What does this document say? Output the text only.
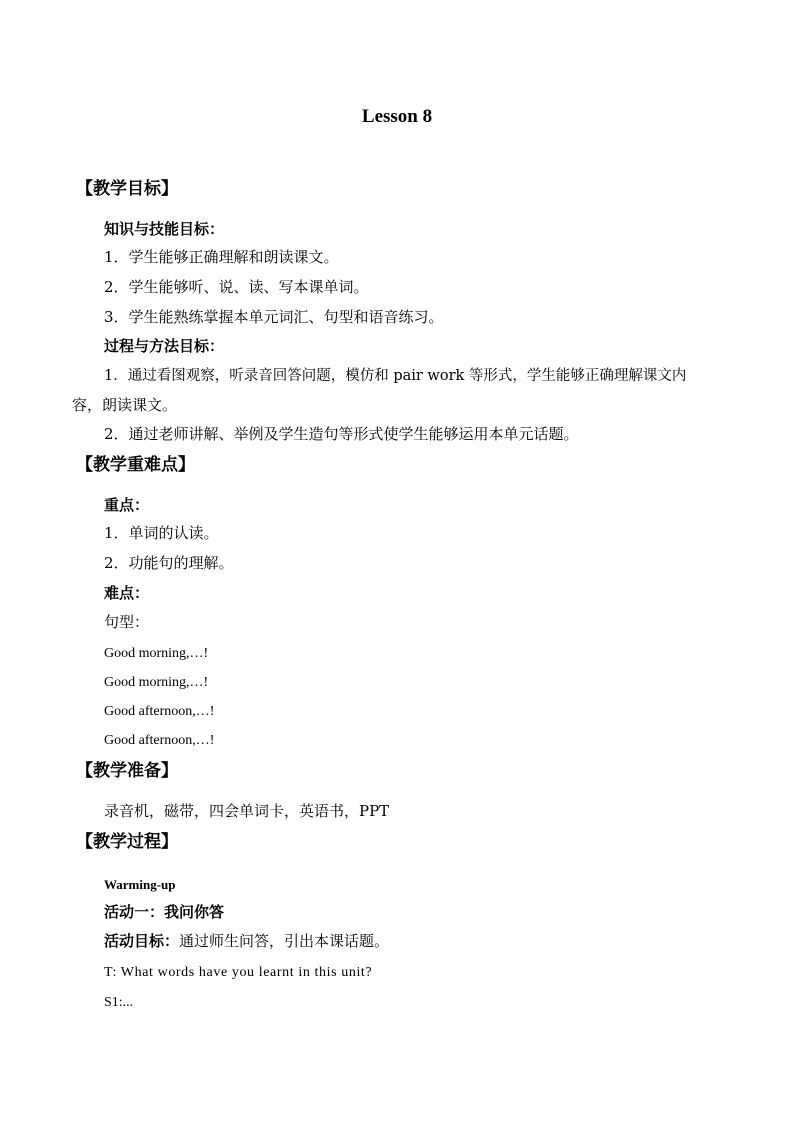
Lesson 8
【教学目标】
知识与技能目标：
1．学生能够正确理解和朗读课文。
2．学生能够听、说、读、写本课单词。
3．学生能熟练掌握本单元词汇、句型和语音练习。
过程与方法目标：
1．通过看图观察，听录音回答问题，模仿和 pair work 等形式，学生能够正确理解课文内
容，朗读课文。
2．通过老师讲解、举例及学生造句等形式使学生能够运用本单元话题。
【教学重难点】
重点：
1．单词的认读。
2．功能句的理解。
难点：
句型：
Good morning,…!
Good morning,…!
Good afternoon,…!
Good afternoon,…!
【教学准备】
录音机，磁带，四会单词卡，英语书，PPT
【教学过程】
Warming-up
活动一：我问你答
活动目标：通过师生问答，引出本课话题。
T: What words have you learnt in this unit?
S1:...
